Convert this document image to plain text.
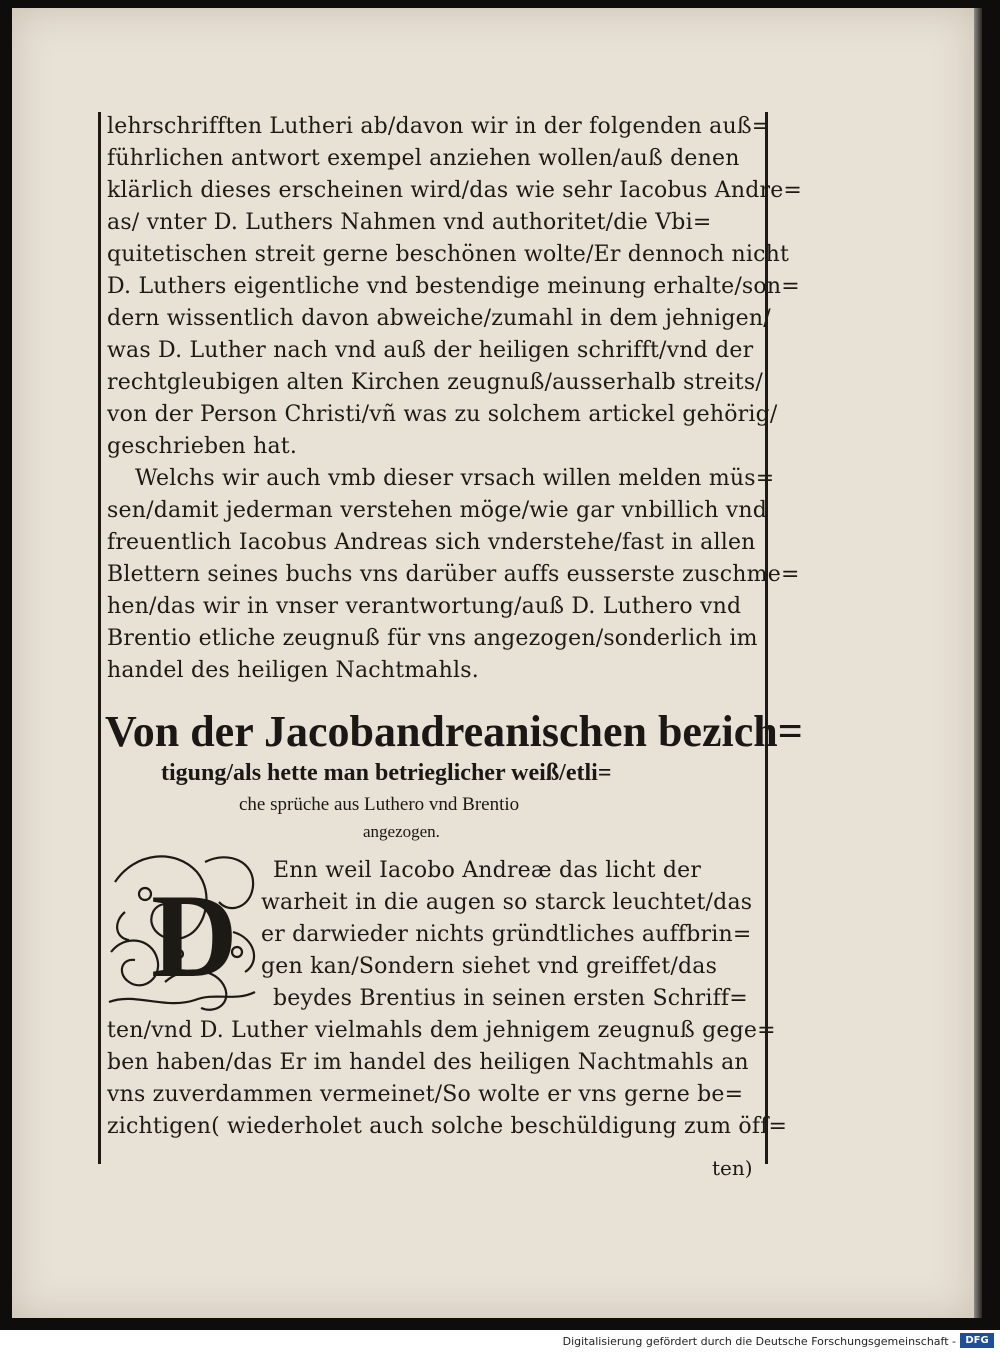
lehrschrifften Lutheri ab/davon wir in der folgenden auß=
führlichen antwort exempel anziehen wollen/auß denen
klärlich dieses erscheinen wird/das wie sehr Iacobus Andre=
as/ vnter D. Luthers Nahmen vnd authoritet/die Vbi=
quitetischen streit gerne beschönen wolte/Er dennoch nicht
D. Luthers eigentliche vnd bestendige meinung erhalte/son=
dern wissentlich davon abweiche/zumahl in dem jehnigen/
was D. Luther nach vnd auß der heiligen schrifft/vnd der
rechtgleubigen alten Kirchen zeugnuß/ausserhalb streits/
von der Person Christi/vñ was zu solchem artickel gehörig/
geschrieben hat.
Welchs wir auch vmb dieser vrsach willen melden müs=
sen/damit jederman verstehen möge/wie gar vnbillich vnd
freuentlich Iacobus Andreas sich vnderstehe/fast in allen
Blettern seines buchs vns darüber auffs eusserste zuschme=
hen/das wir in vnser verantwortung/auß D. Luthero vnd
Brentio etliche zeugnuß für vns angezogen/sonderlich im
handel des heiligen Nachtmahls.
Von der Jacobandreanischen bezich=
tigung/als hette man betrieglicher weiß/etli=
che sprüche aus Luthero vnd Brentio
angezogen.
D Enn weil Iacobo Andreæ das licht der
warheit in die augen so starck leuchtet/das
er darwieder nichts gründtliches auffbrin=
gen kan/Sondern siehet vnd greiffet/das
beydes Brentius in seinen ersten Schriff=
ten/vnd D. Luther vielmahls dem jehnigem zeugnuß gege=
ben haben/das Er im handel des heiligen Nachtmahls an
vns zuverdammen vermeinet/So wolte er vns gerne be=
zichtigen( wiederholet auch solche beschüldigung zum öff=
ten)
Digitalisierung gefördert durch die Deutsche Forschungsgemeinschaft - DFG
